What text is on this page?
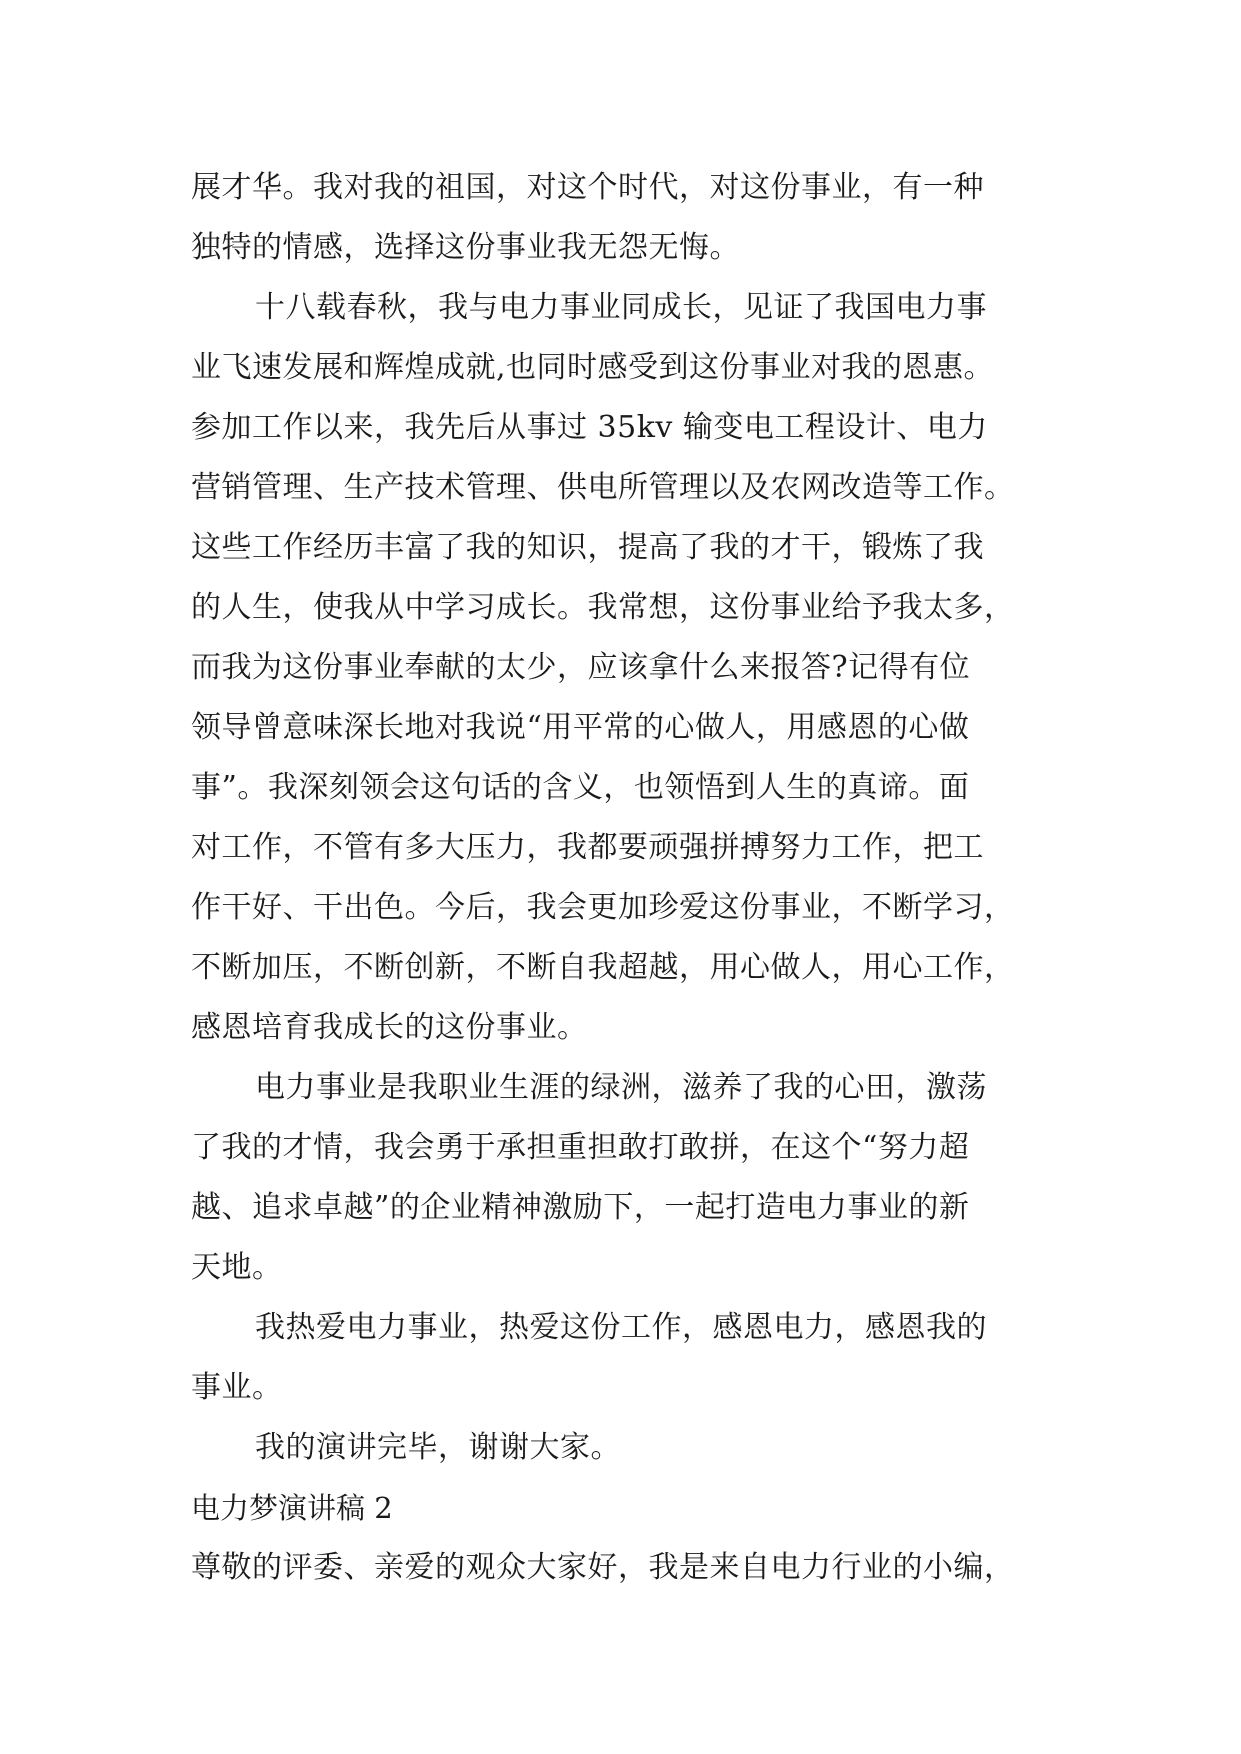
展才华。我对我的祖国，对这个时代，对这份事业，有一种
独特的情感，选择这份事业我无怨无悔。
十八载春秋，我与电力事业同成长，见证了我国电力事
业飞速发展和辉煌成就,也同时感受到这份事业对我的恩惠。
参加工作以来，我先后从事过 35kv 输变电工程设计、电力
营销管理、生产技术管理、供电所管理以及农网改造等工作。
这些工作经历丰富了我的知识，提高了我的才干，锻炼了我
的人生，使我从中学习成长。我常想，这份事业给予我太多，
而我为这份事业奉献的太少，应该拿什么来报答?记得有位
领导曾意味深长地对我说“用平常的心做人，用感恩的心做
事”。我深刻领会这句话的含义，也领悟到人生的真谛。面
对工作，不管有多大压力，我都要顽强拼搏努力工作，把工
作干好、干出色。今后，我会更加珍爱这份事业，不断学习，
不断加压，不断创新，不断自我超越，用心做人，用心工作，
感恩培育我成长的这份事业。
电力事业是我职业生涯的绿洲，滋养了我的心田，激荡
了我的才情，我会勇于承担重担敢打敢拼，在这个“努力超
越、追求卓越”的企业精神激励下，一起打造电力事业的新
天地。
我热爱电力事业，热爱这份工作，感恩电力，感恩我的
事业。
我的演讲完毕，谢谢大家。
电力梦演讲稿 2
尊敬的评委、亲爱的观众大家好，我是来自电力行业的小编，
